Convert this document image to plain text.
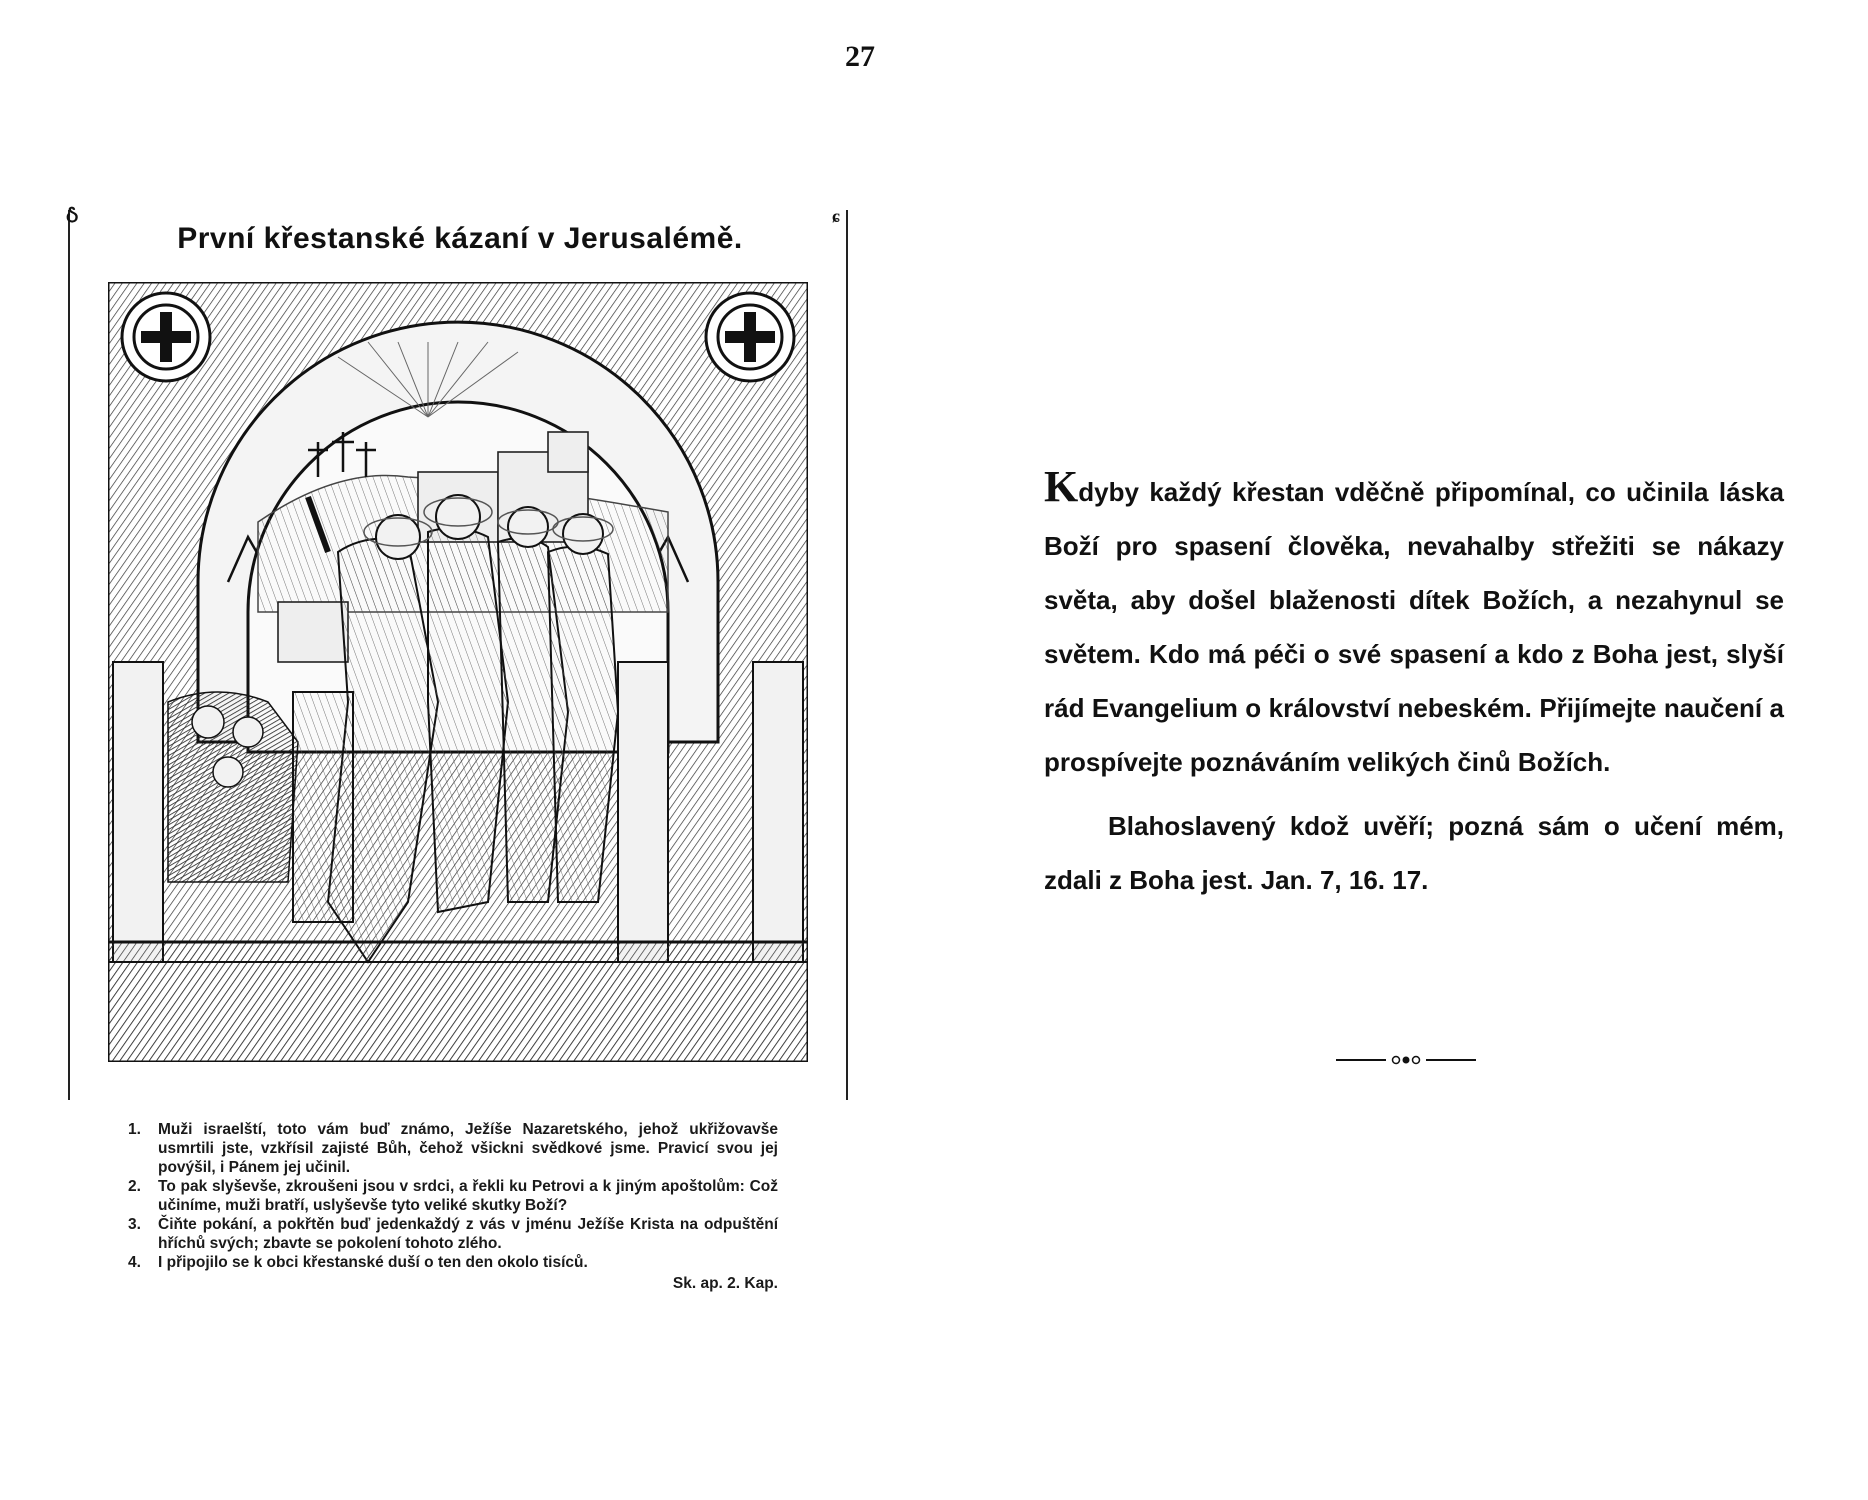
27
Ⴢ	ɕ
První křestanské kázaní v Jerusalémě.
1.	Muži israelští, toto vám buď známo, Ježíše Nazaretského, jehož ukřižovavše usmrtili jste, vzkřísil zajisté Bůh, čehož všickni svědkové jsme. Pravicí svou jej povýšil, i Pánem jej učinil.
2.	To pak slyševše, zkroušeni jsou v srdci, a řekli ku Petrovi a k jiným apoštolům: Což učiníme, muži bratří, uslyševše tyto veliké skutky Boží?
3.	Čiňte pokání, a pokřtěn buď jedenkaždý z vás v jménu Ježíše Krista na odpuštění hříchů svých; zbavte se pokolení tohoto zlého.
4.	I připojilo se k obci křestanské duší o ten den okolo tisíců.
Sk. ap. 2. Kap.

Kdyby každý křestan vděčně připomínal, co učinila láska Boží pro spasení člověka, nevahalby střežiti se nákazy světa, aby došel blaženosti dítek Božích, a nezahynul se světem. Kdo má péči o své spasení a kdo z Boha jest, slyší rád Evangelium o království nebeském. Přijímejte naučení a prospívejte poznáváním velikých činů Božích.

Blahoslavený kdož uvěří; pozná sám o učení mém, zdali z Boha jest. Jan. 7, 16. 17.
